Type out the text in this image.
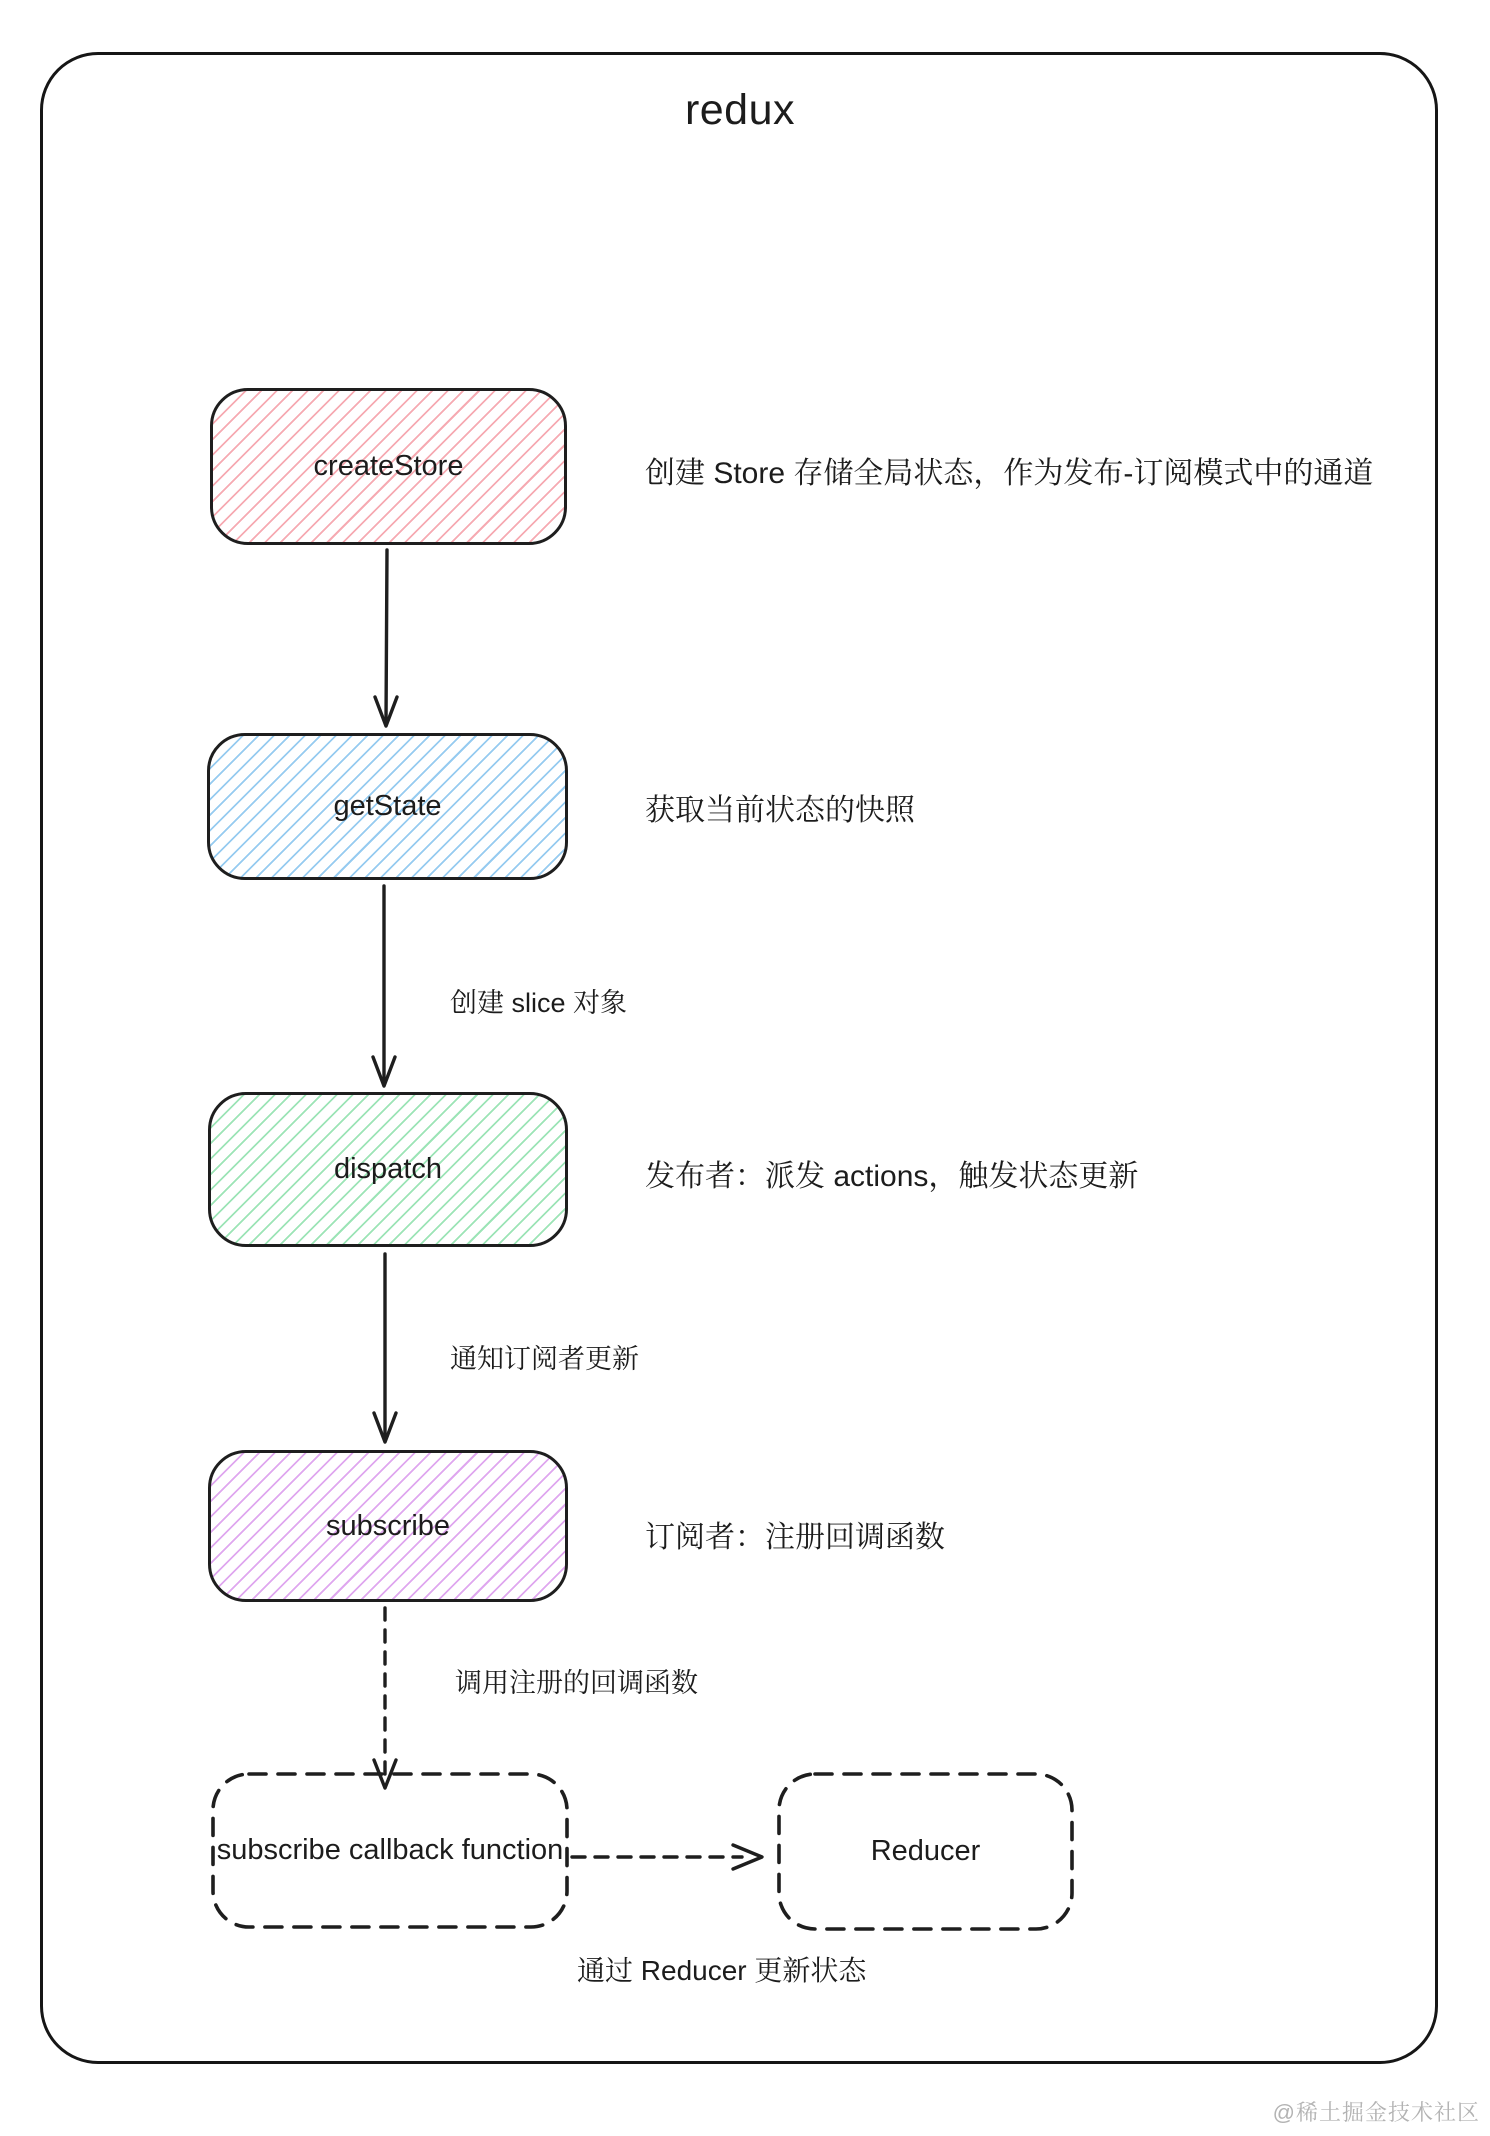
redux
createStore
getState
dispatch
subscribe
subscribe callback function	Reducer
创建 Store 存储全局状态，作为发布-订阅模式中的通道
获取当前状态的快照
发布者：派发 actions，触发状态更新
订阅者：注册回调函数
创建 slice 对象
通知订阅者更新
调用注册的回调函数
通过 Reducer 更新状态
@稀土掘金技术社区
